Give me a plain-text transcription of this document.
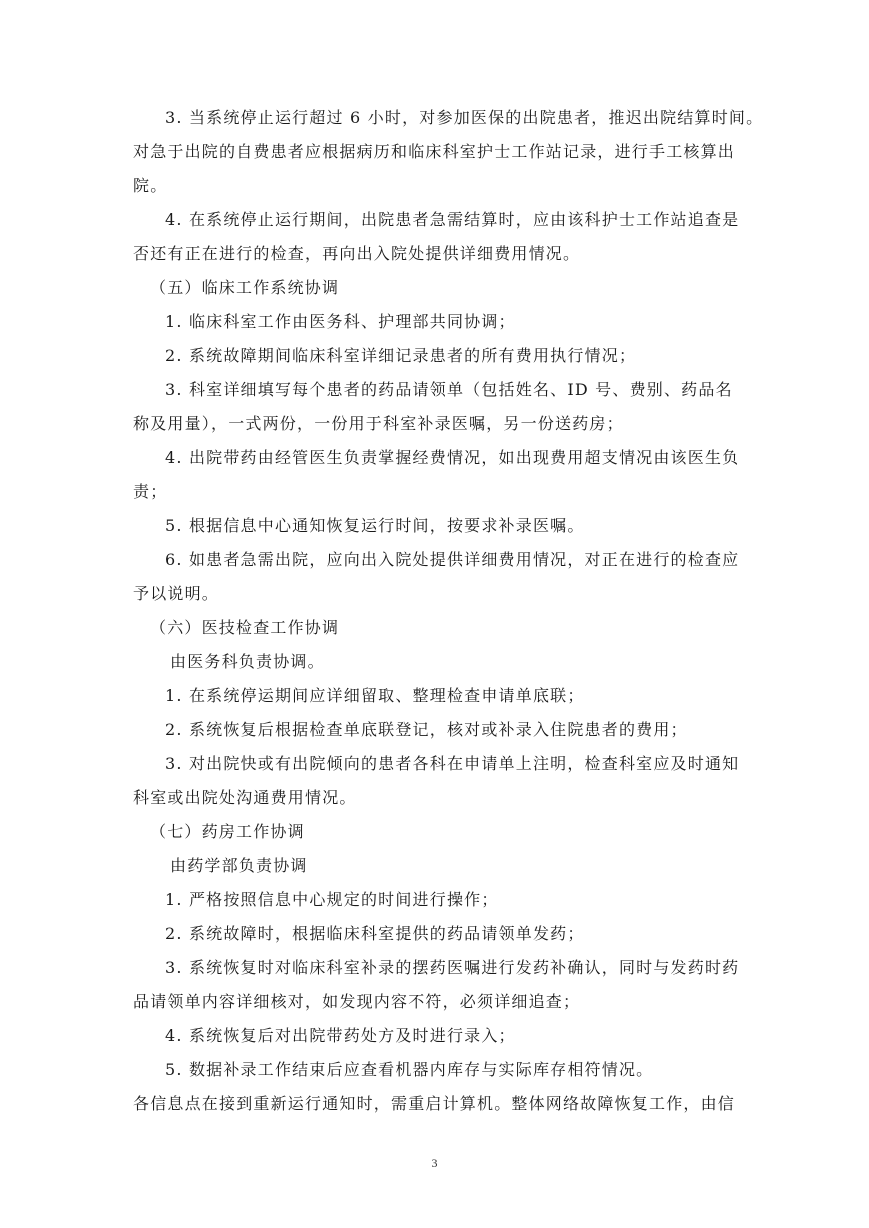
3. 当系统停止运行超过 6 小时，对参加医保的出院患者，推迟出院结算时间。
对急于出院的自费患者应根据病历和临床科室护士工作站记录，进行手工核算出
院。
4. 在系统停止运行期间，出院患者急需结算时，应由该科护士工作站追查是
否还有正在进行的检查，再向出入院处提供详细费用情况。
（五）临床工作系统协调
1. 临床科室工作由医务科、护理部共同协调；
2. 系统故障期间临床科室详细记录患者的所有费用执行情况；
3. 科室详细填写每个患者的药品请领单（包括姓名、ID 号、费别、药品名
称及用量），一式两份，一份用于科室补录医嘱，另一份送药房；
4. 出院带药由经管医生负责掌握经费情况，如出现费用超支情况由该医生负
责；
5. 根据信息中心通知恢复运行时间，按要求补录医嘱。
6. 如患者急需出院，应向出入院处提供详细费用情况，对正在进行的检查应
予以说明。
（六）医技检查工作协调
由医务科负责协调。
1. 在系统停运期间应详细留取、整理检查申请单底联；
2. 系统恢复后根据检查单底联登记，核对或补录入住院患者的费用；
3. 对出院快或有出院倾向的患者各科在申请单上注明，检查科室应及时通知
科室或出院处沟通费用情况。
（七）药房工作协调
由药学部负责协调
1. 严格按照信息中心规定的时间进行操作；
2. 系统故障时，根据临床科室提供的药品请领单发药；
3. 系统恢复时对临床科室补录的摆药医嘱进行发药补确认，同时与发药时药
品请领单内容详细核对，如发现内容不符，必须详细追查；
4. 系统恢复后对出院带药处方及时进行录入；
5. 数据补录工作结束后应查看机器内库存与实际库存相符情况。
各信息点在接到重新运行通知时，需重启计算机。整体网络故障恢复工作，由信
3
